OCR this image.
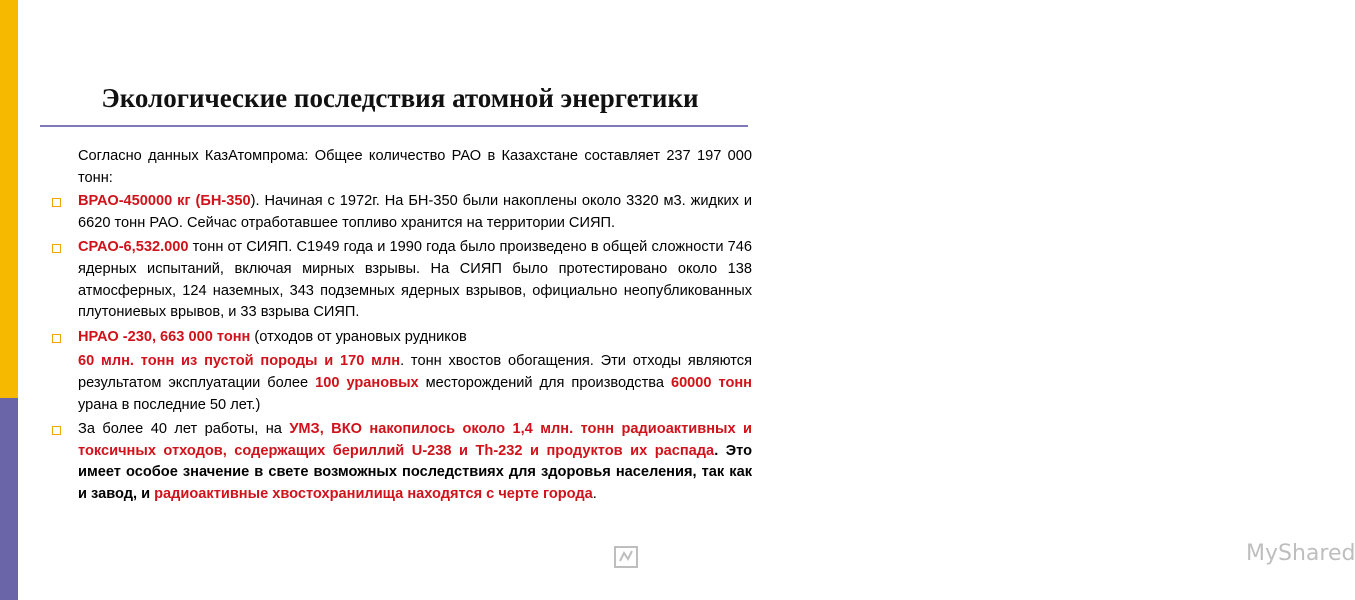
Экологические последствия атомной энергетики

Согласно данных КазАтомпрома: Общее количество РАО в Казахстане составляет 237 197 000 тонн:

ВРАО-450000 кг (БН-350). Начиная с 1972г. На БН-350 были накоплены около 3320 м3. жидких и 6620 тонн РАО. Сейчас отработавшее топливо хранится на территории СИЯП.

СРАО-6,532.000 тонн от СИЯП. С1949 года и 1990 года было произведено в общей сложности 746 ядерных испытаний, включая мирных взрывы. На СИЯП было протестировано около 138 атмосферных, 124 наземных, 343 подземных ядерных взрывов, официально неопубликованных плутониевых врывов, и 33 взрыва СИЯП.

НРАО -230, 663 000 тонн (отходов от урановых рудников

60 млн. тонн из пустой породы и 170 млн. тонн хвостов обогащения. Эти отходы являются результатом эксплуатации более 100 урановых месторождений для производства 60000 тонн урана в последние 50 лет.)

За более 40 лет работы, на УМЗ, ВКО накопилось около 1,4 млн. тонн радиоактивных и токсичных отходов, содержащих бериллий U-238 и Th-232 и продуктов их распада. Это имеет особое значение в свете возможных последствиях для здоровья населения, так как и завод, и радиоактивные хвостохранилища находятся с черте города.

MyShared
